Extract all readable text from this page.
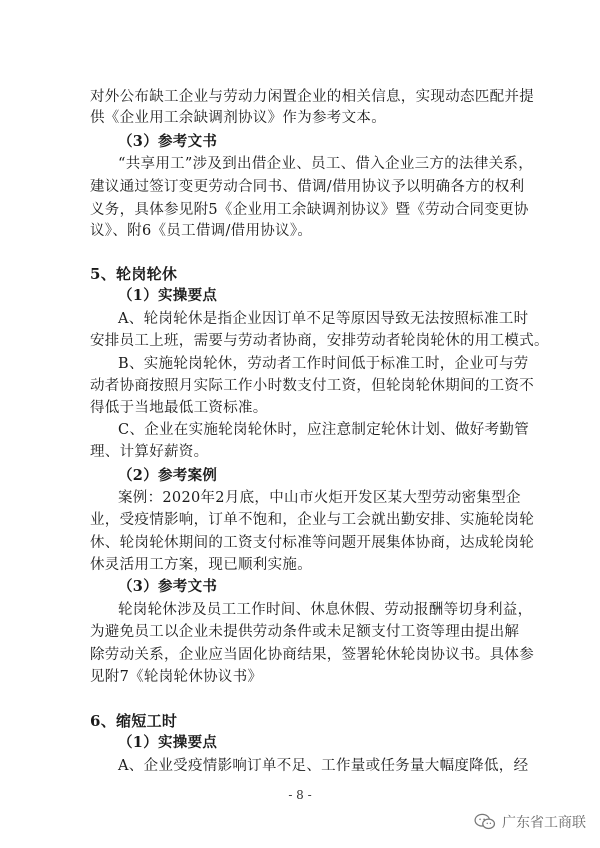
对外公布缺工企业与劳动力闲置企业的相关信息，实现动态匹配并提
供《企业用工余缺调剂协议》作为参考文本。
（3）参考文书
“共享用工”涉及到出借企业、员工、借入企业三方的法律关系，
建议通过签订变更劳动合同书、借调/借用协议予以明确各方的权利
义务，具体参见附5《企业用工余缺调剂协议》暨《劳动合同变更协
议》、附6《员工借调/借用协议》。
5、轮岗轮休
（1）实操要点
A、轮岗轮休是指企业因订单不足等原因导致无法按照标准工时
安排员工上班，需要与劳动者协商，安排劳动者轮岗轮休的用工模式。
B、实施轮岗轮休，劳动者工作时间低于标准工时，企业可与劳
动者协商按照月实际工作小时数支付工资，但轮岗轮休期间的工资不
得低于当地最低工资标准。
C、企业在实施轮岗轮休时，应注意制定轮休计划、做好考勤管
理、计算好薪资。
（2）参考案例
案例：2020年2月底，中山市火炬开发区某大型劳动密集型企
业，受疫情影响，订单不饱和，企业与工会就出勤安排、实施轮岗轮
休、轮岗轮休期间的工资支付标准等问题开展集体协商，达成轮岗轮
休灵活用工方案，现已顺利实施。
（3）参考文书
轮岗轮休涉及员工工作时间、休息休假、劳动报酬等切身利益，
为避免员工以企业未提供劳动条件或未足额支付工资等理由提出解
除劳动关系，企业应当固化协商结果，签署轮休轮岗协议书。具体参
见附7《轮岗轮休协议书》
6、缩短工时
（1）实操要点
A、企业受疫情影响订单不足、工作量或任务量大幅度降低，经
- 8 -
广东省工商联
